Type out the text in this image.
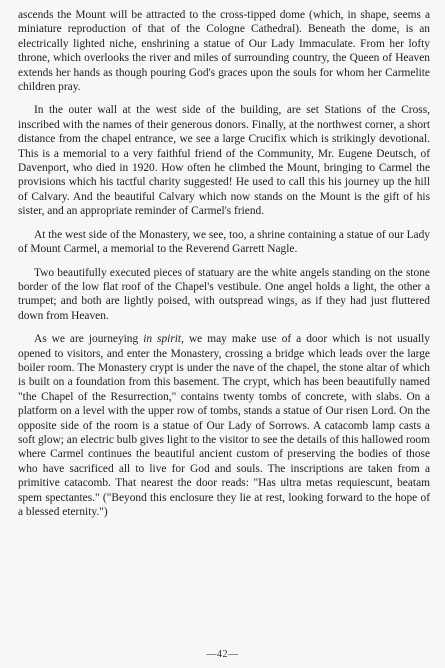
ascends the Mount will be attracted to the cross-tipped dome (which, in shape, seems a miniature reproduction of that of the Cologne Cathedral). Beneath the dome, is an electrically lighted niche, enshrining a statue of Our Lady Immaculate. From her lofty throne, which overlooks the river and miles of surrounding country, the Queen of Heaven extends her hands as though pouring God's graces upon the souls for whom her Carmelite children pray.

In the outer wall at the west side of the building, are set Stations of the Cross, inscribed with the names of their generous donors. Finally, at the northwest corner, a short distance from the chapel entrance, we see a large Crucifix which is strikingly devotional. This is a memorial to a very faithful friend of the Community, Mr. Eugene Deutsch, of Davenport, who died in 1920. How often he climbed the Mount, bringing to Carmel the provisions which his tactful charity suggested! He used to call this his journey up the hill of Calvary. And the beautiful Calvary which now stands on the Mount is the gift of his sister, and an appropriate reminder of Carmel's friend.

At the west side of the Monastery, we see, too, a shrine containing a statue of our Lady of Mount Carmel, a memorial to the Reverend Garrett Nagle.

Two beautifully executed pieces of statuary are the white angels standing on the stone border of the low flat roof of the Chapel's vestibule. One angel holds a light, the other a trumpet; and both are lightly poised, with outspread wings, as if they had just fluttered down from Heaven.

As we are journeying in spirit, we may make use of a door which is not usually opened to visitors, and enter the Monastery, crossing a bridge which leads over the large boiler room. The Monastery crypt is under the nave of the chapel, the stone altar of which is built on a foundation from this basement. The crypt, which has been beautifully named "the Chapel of the Resurrection," contains twenty tombs of concrete, with slabs. On a platform on a level with the upper row of tombs, stands a statue of Our risen Lord. On the opposite side of the room is a statue of Our Lady of Sorrows. A catacomb lamp casts a soft glow; an electric bulb gives light to the visitor to see the details of this hallowed room where Carmel continues the beautiful ancient custom of preserving the bodies of those who have sacrificed all to live for God and souls. The inscriptions are taken from a primitive catacomb. That nearest the door reads: "Has ultra metas requiescunt, beatam spem spectantes." ("Beyond this enclosure they lie at rest, looking forward to the hope of a blessed eternity.")

—42—
